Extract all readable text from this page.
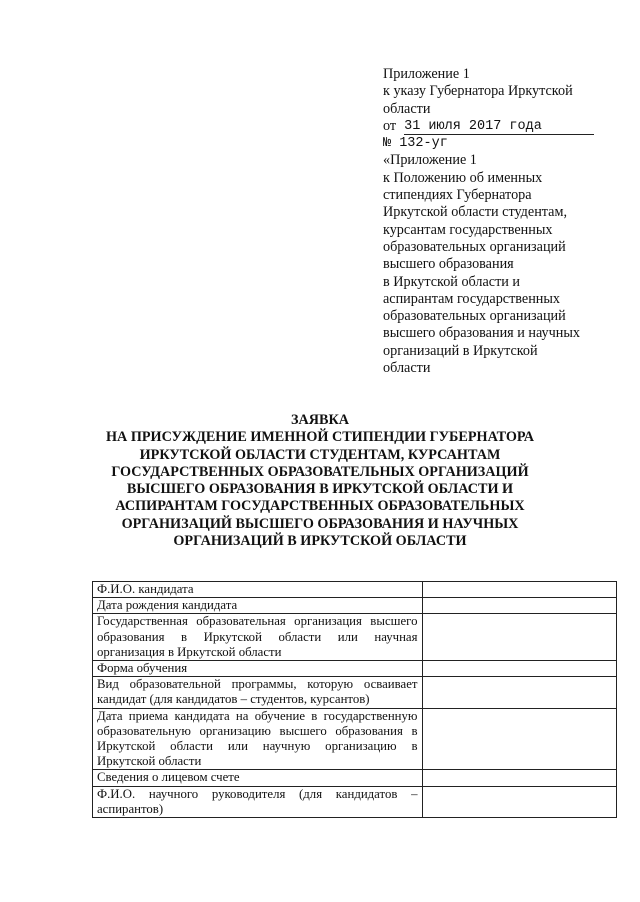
Приложение 1
к указу Губернатора Иркутской
области
от 31 июля 2017 года
№ 132-уг
«Приложение 1
к Положению об именных
стипендиях Губернатора
Иркутской области студентам,
курсантам государственных
образовательных организаций
высшего образования
в Иркутской области и
аспирантам государственных
образовательных организаций
высшего образования и научных
организаций в Иркутской
области
ЗАЯВКА
НА ПРИСУЖДЕНИЕ ИМЕННОЙ СТИПЕНДИИ ГУБЕРНАТОРА
ИРКУТСКОЙ ОБЛАСТИ СТУДЕНТАМ, КУРСАНТАМ
ГОСУДАРСТВЕННЫХ ОБРАЗОВАТЕЛЬНЫХ ОРГАНИЗАЦИЙ
ВЫСШЕГО ОБРАЗОВАНИЯ В ИРКУТСКОЙ ОБЛАСТИ И
АСПИРАНТАМ ГОСУДАРСТВЕННЫХ ОБРАЗОВАТЕЛЬНЫХ
ОРГАНИЗАЦИЙ ВЫСШЕГО ОБРАЗОВАНИЯ И НАУЧНЫХ
ОРГАНИЗАЦИЙ В ИРКУТСКОЙ ОБЛАСТИ
Ф.И.О. кандидата	
Дата рождения кандидата	
Государственная образовательная организация высшего образования в Иркутской области или научная организация в Иркутской области	
Форма обучения	
Вид образовательной программы, которую осваивает кандидат (для кандидатов – студентов, курсантов)	
Дата приема кандидата на обучение в государственную образовательную организацию высшего образования в Иркутской области или научную организацию в Иркутской области	
Сведения о лицевом счете	
Ф.И.О. научного руководителя (для кандидатов – аспирантов)	
